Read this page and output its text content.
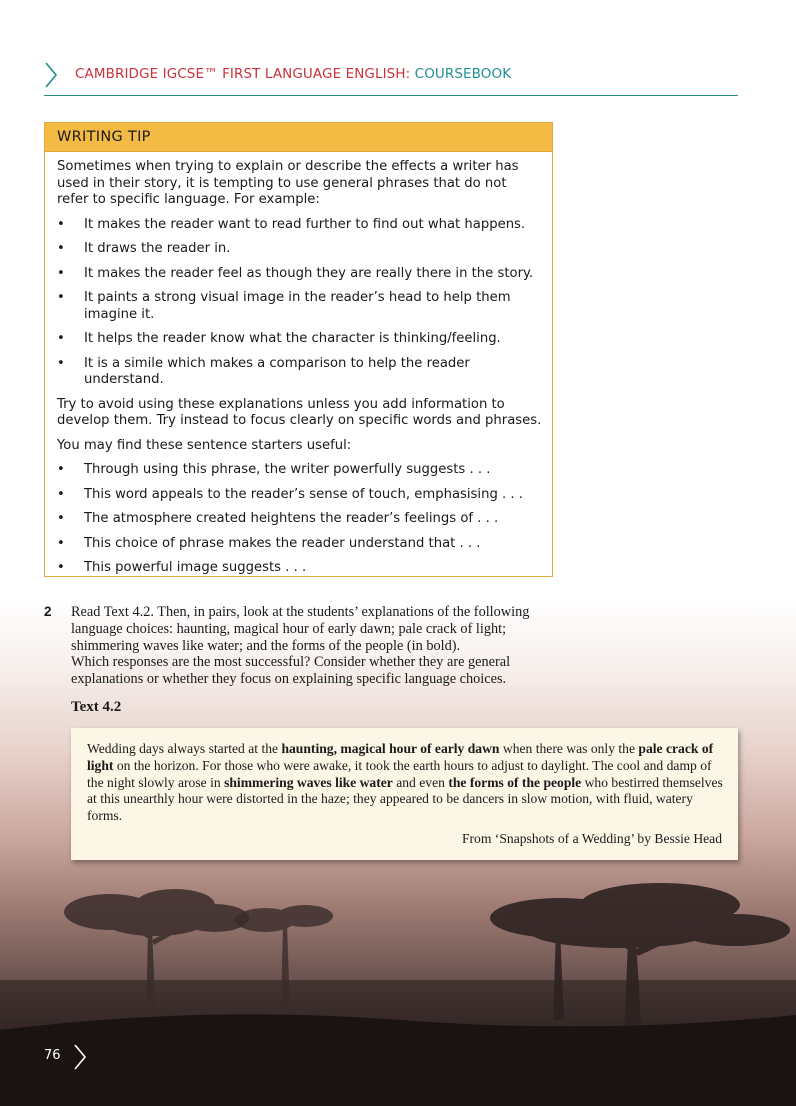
CAMBRIDGE IGCSE™ FIRST LANGUAGE ENGLISH: COURSEBOOK
WRITING TIP

Sometimes when trying to explain or describe the effects a writer has used in their story, it is tempting to use general phrases that do not refer to specific language. For example:

• It makes the reader want to read further to find out what happens.
• It draws the reader in.
• It makes the reader feel as though they are really there in the story.
• It paints a strong visual image in the reader’s head to help them imagine it.
• It helps the reader know what the character is thinking/feeling.
• It is a simile which makes a comparison to help the reader understand.

Try to avoid using these explanations unless you add information to develop them. Try instead to focus clearly on specific words and phrases.

You may find these sentence starters useful:

• Through using this phrase, the writer powerfully suggests . . .
• This word appeals to the reader’s sense of touch, emphasising . . .
• The atmosphere created heightens the reader’s feelings of . . .
• This choice of phrase makes the reader understand that . . .
• This powerful image suggests . . .
2 Read Text 4.2. Then, in pairs, look at the students’ explanations of the following language choices: haunting, magical hour of early dawn; pale crack of light; shimmering waves like water; and the forms of the people (in bold).

Which responses are the most successful? Consider whether they are general explanations or whether they focus on explaining specific language choices.

Text 4.2

Wedding days always started at the haunting, magical hour of early dawn when there was only the pale crack of light on the horizon. For those who were awake, it took the earth hours to adjust to daylight. The cool and damp of the night slowly arose in shimmering waves like water and even the forms of the people who bestirred themselves at this unearthly hour were distorted in the haze; they appeared to be dancers in slow motion, with fluid, watery forms.

From ‘Snapshots of a Wedding’ by Bessie Head
76
